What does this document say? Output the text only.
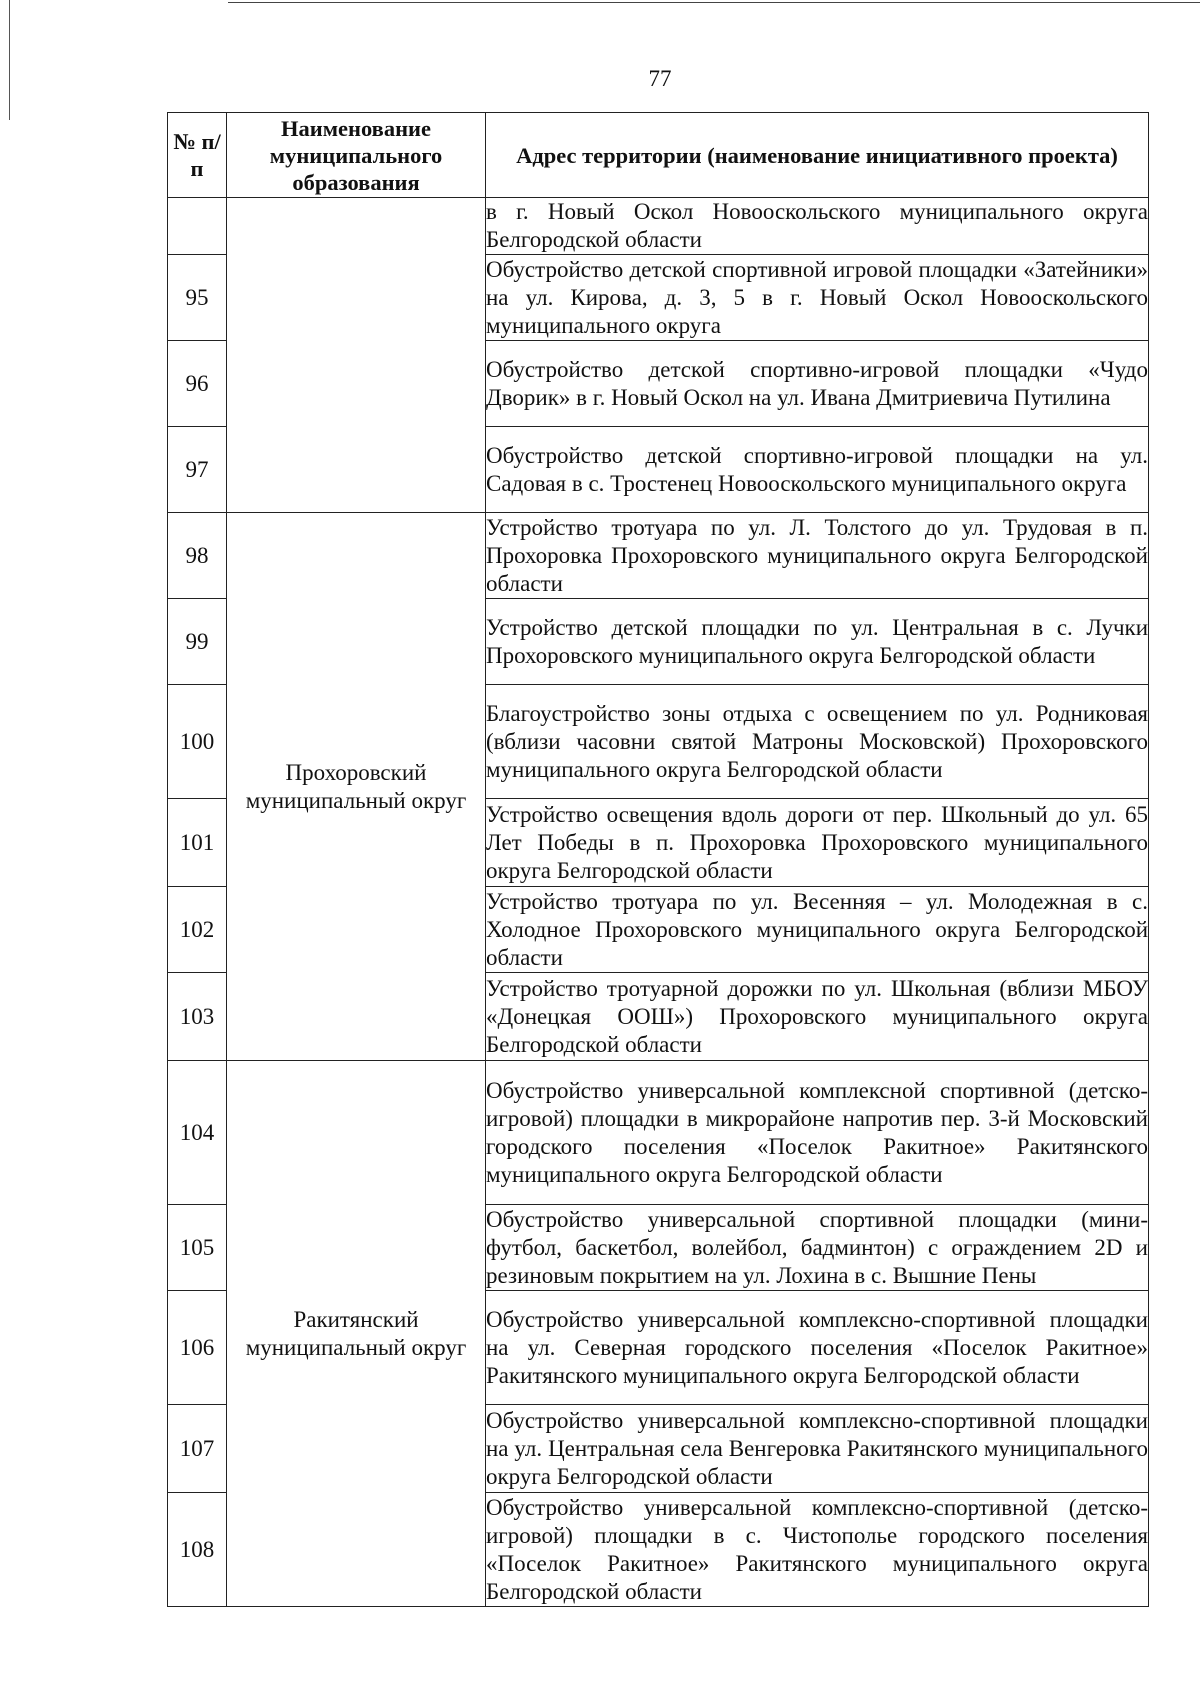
77
№ п/п	Наименование муниципального образования	Адрес территории (наименование инициативного проекта)
		в г. Новый Оскол Новооскольского муниципального округа Белгородской области
95		Обустройство детской спортивной игровой площадки «Затейники» на ул. Кирова, д. 3, 5 в г. Новый Оскол Новооскольского муниципального округа
96		Обустройство детской спортивно-игровой площадки «Чудо Дворик» в г. Новый Оскол на ул. Ивана Дмитриевича Путилина
97		Обустройство детской спортивно-игровой площадки на ул. Садовая в с. Тростенец Новооскольского муниципального округа
98	Прохоровский муниципальный округ	Устройство тротуара по ул. Л. Толстого до ул. Трудовая в п. Прохоровка Прохоровского муниципального округа Белгородской области
99		Устройство детской площадки по ул. Центральная в с. Лучки Прохоровского муниципального округа Белгородской области
100		Благоустройство зоны отдыха с освещением по ул. Родниковая (вблизи часовни святой Матроны Московской) Прохоровского муниципального округа Белгородской области
101		Устройство освещения вдоль дороги от пер. Школьный до ул. 65 Лет Победы в п. Прохоровка Прохоровского муниципального округа Белгородской области
102		Устройство тротуара по ул. Весенняя – ул. Молодежная в с. Холодное Прохоровского муниципального округа Белгородской области
103		Устройство тротуарной дорожки по ул. Школьная (вблизи МБОУ «Донецкая ООШ») Прохоровского муниципального округа Белгородской области
104	Ракитянский муниципальный округ	Обустройство универсальной комплексной спортивной (детско-игровой) площадки в микрорайоне напротив пер. 3-й Московский городского поселения «Поселок Ракитное» Ракитянского муниципального округа Белгородской области
105		Обустройство универсальной спортивной площадки (мини-футбол, баскетбол, волейбол, бадминтон) с ограждением 2D и резиновым покрытием на ул. Лохина в с. Вышние Пены
106		Обустройство универсальной комплексно-спортивной площадки на ул. Северная городского поселения «Поселок Ракитное» Ракитянского муниципального округа Белгородской области
107		Обустройство универсальной комплексно-спортивной площадки на ул. Центральная села Венгеровка Ракитянского муниципального округа Белгородской области
108		Обустройство универсальной комплексно-спортивной (детско-игровой) площадки в с. Чистополье городского поселения «Поселок Ракитное» Ракитянского муниципального округа Белгородской области
